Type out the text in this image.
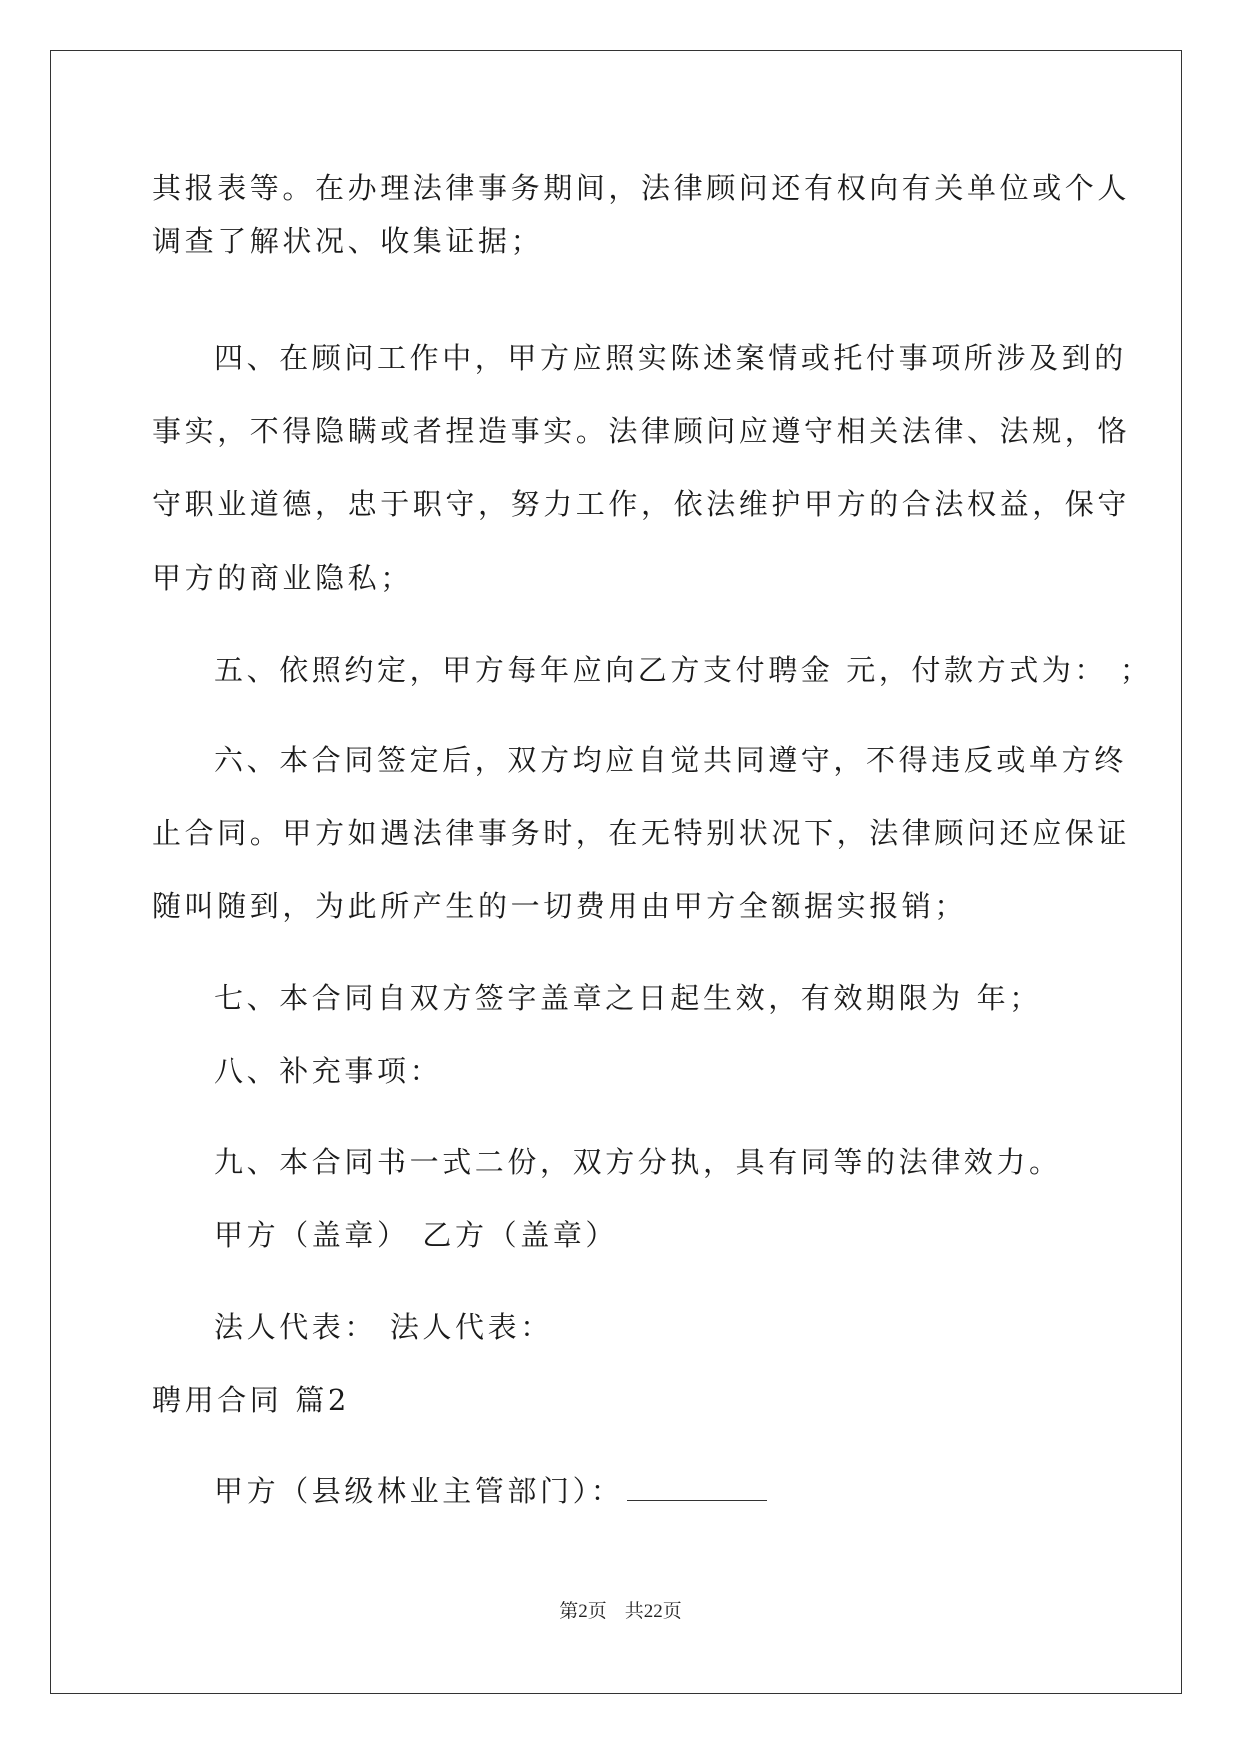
其报表等。在办理法律事务期间，法律顾问还有权向有关单位或个人
调查了解状况、收集证据；
四、在顾问工作中，甲方应照实陈述案情或托付事项所涉及到的
事实，不得隐瞒或者捏造事实。法律顾问应遵守相关法律、法规，恪
守职业道德，忠于职守，努力工作，依法维护甲方的合法权益，保守
甲方的商业隐私；
五、依照约定，甲方每年应向乙方支付聘金 元，付款方式为： ；
六、本合同签定后，双方均应自觉共同遵守，不得违反或单方终
止合同。甲方如遇法律事务时，在无特别状况下，法律顾问还应保证
随叫随到，为此所产生的一切费用由甲方全额据实报销；
七、本合同自双方签字盖章之日起生效，有效期限为 年；
八、补充事项：
九、本合同书一式二份，双方分执，具有同等的法律效力。
甲方（盖章） 乙方（盖章）
法人代表： 法人代表：
聘用合同 篇2
甲方（县级林业主管部门）：
第2页 共22页
